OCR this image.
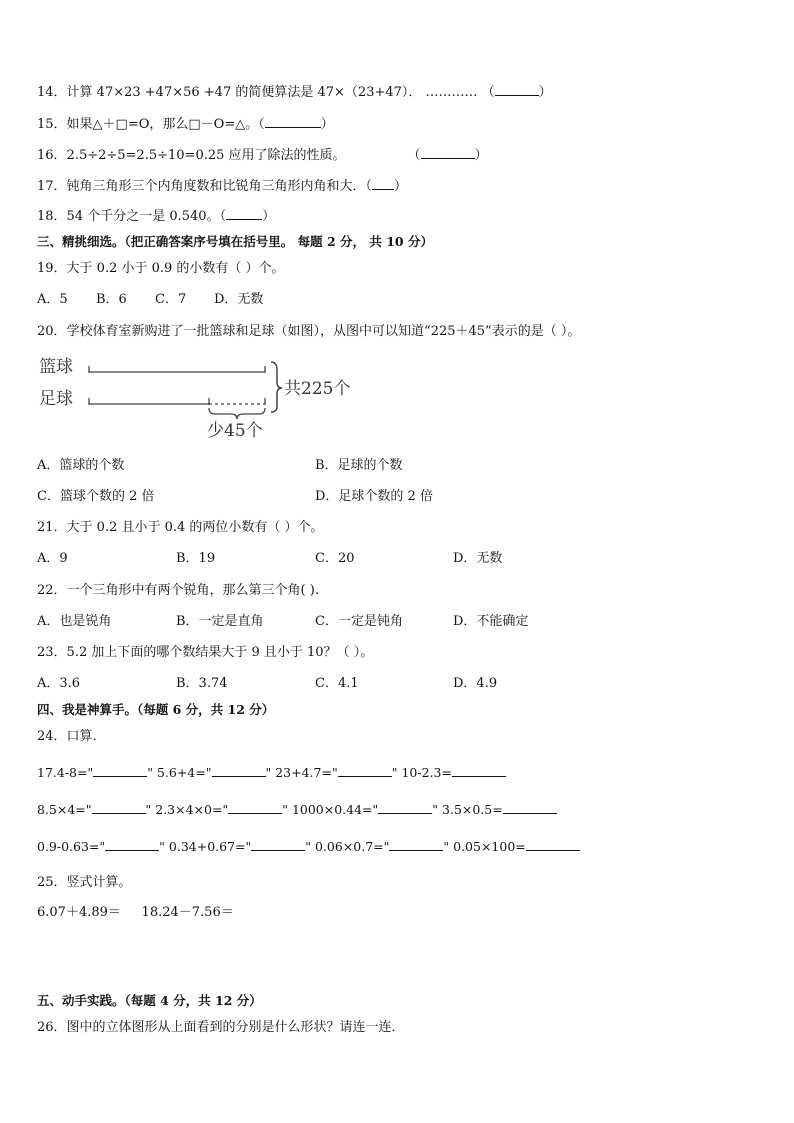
14．计算 47×23 +47×56 +47 的简便算法是 47×（23+47）． ………… （	）
15．如果△＋□=O，那么□－O=△。（	）
16．2.5÷2÷5=2.5÷10=0.25 应用了除法的性质。	（	）
17．钝角三角形三个内角度数和比锐角三角形内角和大．（ ）
18．54 个千分之一是 0.540。（	）
三、精挑细选。（把正确答案序号填在括号里。 每题 2 分， 共 10 分）
19．大于 0.2 小于 0.9 的小数有（ ）个。
A．5 B．6 C．7 D．无数
20．学校体育室新购进了一批篮球和足球（如图），从图中可以知道“225＋45”表示的是（ ）。
篮球
足球	共225个
少45个
A．篮球的个数	B．足球的个数
C．篮球个数的 2 倍	D．足球个数的 2 倍
21．大于 0.2 且小于 0.4 的两位小数有（ ）个。
A．9	B．19	C．20	D．无数
22．一个三角形中有两个锐角，那么第三个角( ).
A．也是锐角	B．一定是直角	C．一定是钝角	D．不能确定
23．5.2 加上下面的哪个数结果大于 9 且小于 10？（ ）。
A．3.6	B．3.74	C．4.1	D．4.9
四、我是神算手。（每题 6 分，共 12 分）
24．口算．
17.4-8="	" 5.6+4="	" 23+4.7="	" 10-2.3=
8.5×4="	" 2.3×4×0="	" 1000×0.44="	" 3.5×0.5=
0.9-0.63="	" 0.34+0.67="	" 0.06×0.7="	" 0.05×100=
25．竖式计算。
6.07＋4.89＝     18.24－7.56＝
五、动手实践。（每题 4 分，共 12 分）
26．图中的立体图形从上面看到的分别是什么形状？请连一连．
